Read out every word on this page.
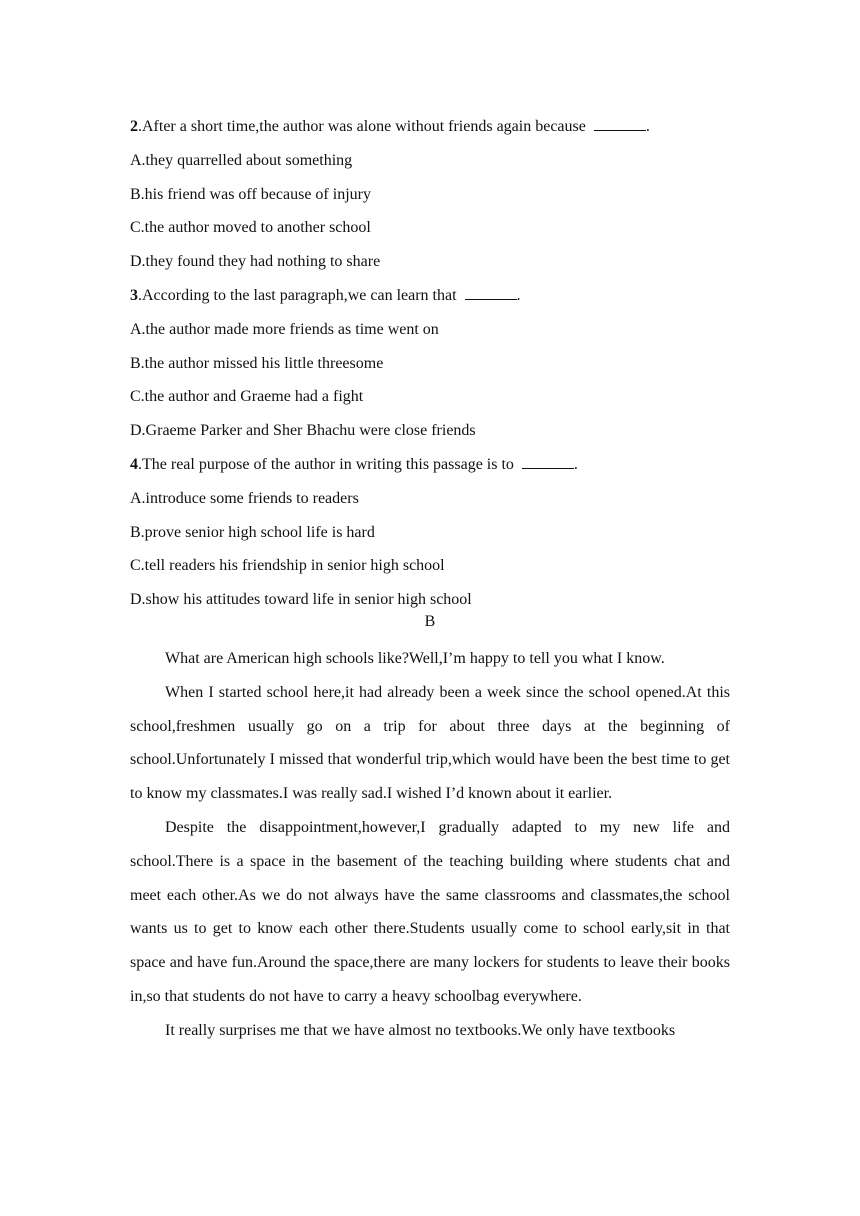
2.After a short time,the author was alone without friends again because	.
A.they quarrelled about something
B.his friend was off because of injury
C.the author moved to another school
D.they found they had nothing to share
3.According to the last paragraph,we can learn that	.
A.the author made more friends as time went on
B.the author missed his little threesome
C.the author and Graeme had a fight
D.Graeme Parker and Sher Bhachu were close friends
4.The real purpose of the author in writing this passage is to	.
A.introduce some friends to readers
B.prove senior high school life is hard
C.tell readers his friendship in senior high school
D.show his attitudes toward life in senior high school
B

What are American high schools like?Well,I’m happy to tell you what I know.

When I started school here,it had already been a week since the school opened.At this school,freshmen usually go on a trip for about three days at the beginning of school.Unfortunately I missed that wonderful trip,which would have been the best time to get to know my classmates.I was really sad.I wished I’d known about it earlier.

Despite the disappointment,however,I gradually adapted to my new life and school.There is a space in the basement of the teaching building where students chat and meet each other.As we do not always have the same classrooms and classmates,the school wants us to get to know each other there.Students usually come to school early,sit in that space and have fun.Around the space,there are many lockers for students to leave their books in,so that students do not have to carry a heavy schoolbag everywhere.

It really surprises me that we have almost no textbooks.We only have textbooks
